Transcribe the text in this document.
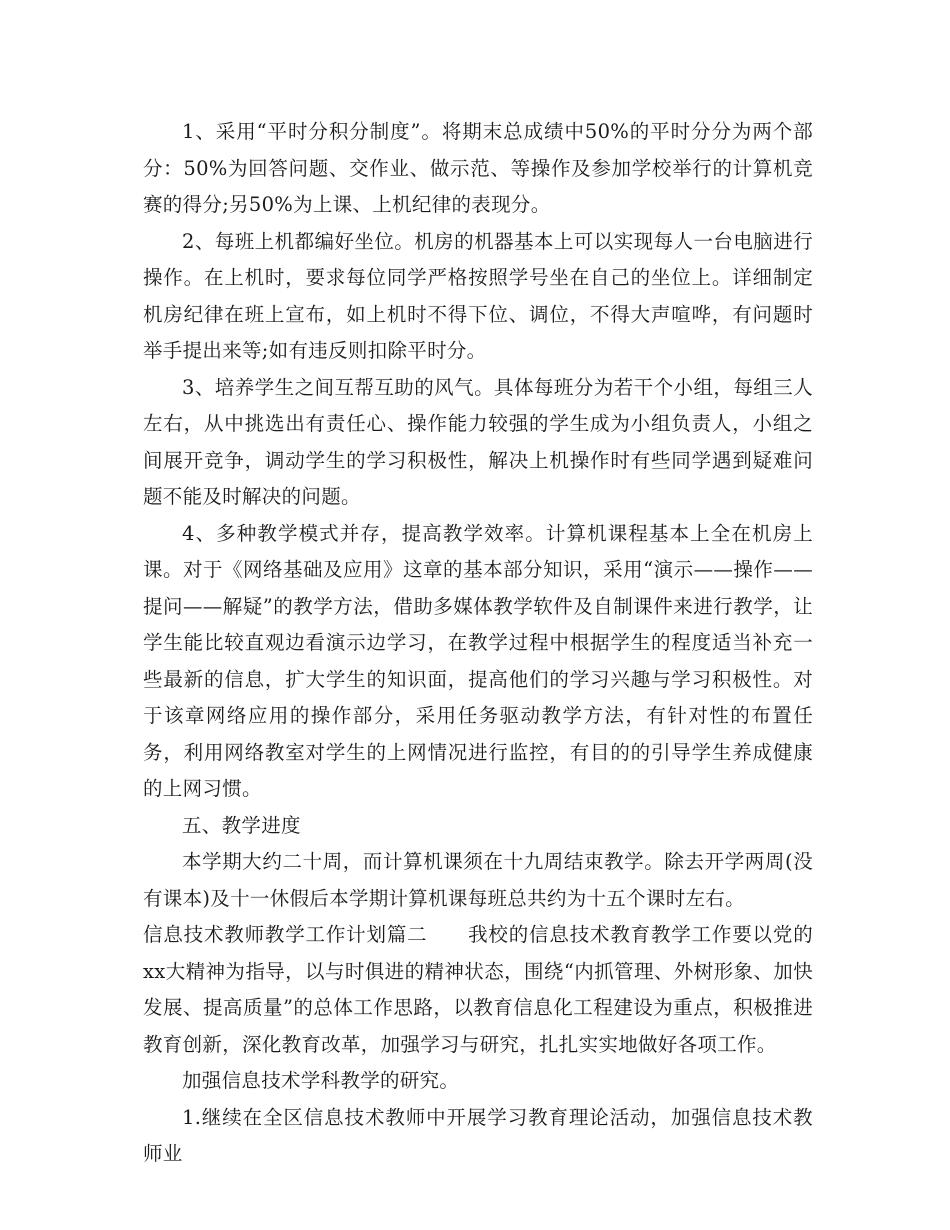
1、采用“平时分积分制度”。将期末总成绩中50%的平时分分为两个部分：50%为回答问题、交作业、做示范、等操作及参加学校举行的计算机竞赛的得分;另50%为上课、上机纪律的表现分。

2、每班上机都编好坐位。机房的机器基本上可以实现每人一台电脑进行操作。在上机时，要求每位同学严格按照学号坐在自己的坐位上。详细制定机房纪律在班上宣布，如上机时不得下位、调位，不得大声喧哗，有问题时举手提出来等;如有违反则扣除平时分。

3、培养学生之间互帮互助的风气。具体每班分为若干个小组，每组三人左右，从中挑选出有责任心、操作能力较强的学生成为小组负责人，小组之间展开竞争，调动学生的学习积极性，解决上机操作时有些同学遇到疑难问题不能及时解决的问题。

4、多种教学模式并存，提高教学效率。计算机课程基本上全在机房上课。对于《网络基础及应用》这章的基本部分知识，采用“演示——操作——提问——解疑”的教学方法，借助多媒体教学软件及自制课件来进行教学，让学生能比较直观边看演示边学习，在教学过程中根据学生的程度适当补充一些最新的信息，扩大学生的知识面，提高他们的学习兴趣与学习积极性。对于该章网络应用的操作部分，采用任务驱动教学方法，有针对性的布置任务，利用网络教室对学生的上网情况进行监控，有目的的引导学生养成健康的上网习惯。

五、教学进度

本学期大约二十周，而计算机课须在十九周结束教学。除去开学两周(没有课本)及十一休假后本学期计算机课每班总共约为十五个课时左右。

信息技术教师教学工作计划篇二　　我校的信息技术教育教学工作要以党的xx大精神为指导，以与时俱进的精神状态，围绕“内抓管理、外树形象、加快发展、提高质量”的总体工作思路，以教育信息化工程建设为重点，积极推进教育创新，深化教育改革，加强学习与研究，扎扎实实地做好各项工作。

加强信息技术学科教学的研究。

1.继续在全区信息技术教师中开展学习教育理论活动，加强信息技术教师业
